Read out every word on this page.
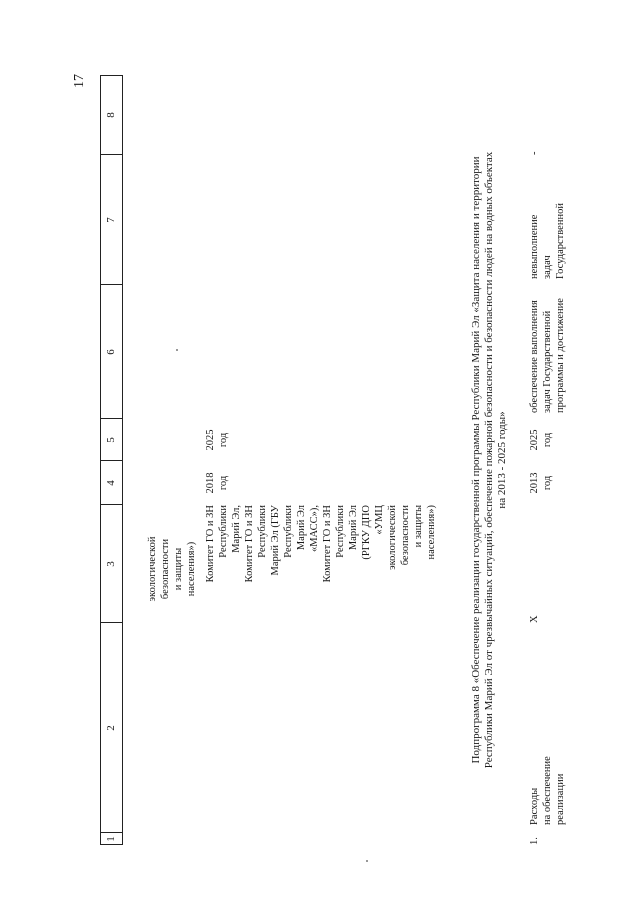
17
1
2
3
4
5
6
7
8
экологической безопасности и защиты населения») Комитет ГО и ЗН Республики Марий Эл, Комитет ГО и ЗН Республики Марий Эл (ГБУ Республики Марий Эл «МАСС»), Комитет ГО и ЗН Республики Марий Эл (РГКУ ДПО «УМЦ экологической безопасности и защиты населения»)
2018 год
2025 год	Подпрограмма 8 «Обеспечение реализации государственной программы Республики Марий Эл «Защита населения и территории Республики Марий Эл от чрезвычайных ситуаций, обеспечение пожарной безопасности и безопасности людей на водных объектах на 2013 - 2025 годы»
1.
Расходы на обеспечение реализации
Х
2013 год
2025 год
обеспечение выполнения задач Государственной программы и достижение
невыполнение задач Государственной
-
